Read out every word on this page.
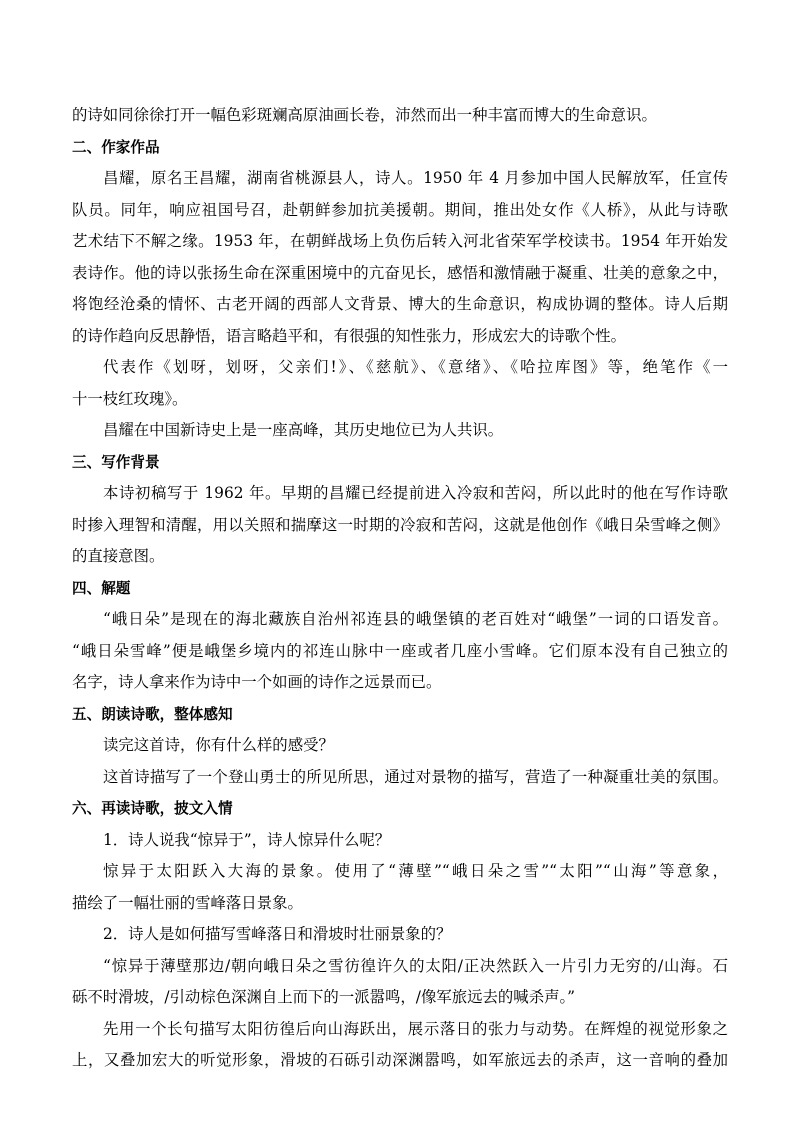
的诗如同徐徐打开一幅色彩斑斓高原油画长卷，沛然而出一种丰富而博大的生命意识。
二、作家作品
昌耀，原名王昌耀，湖南省桃源县人，诗人。1950 年 4 月参加中国人民解放军，任宣传
队员。同年，响应祖国号召，赴朝鲜参加抗美援朝。期间，推出处女作《人桥》，从此与诗歌
艺术结下不解之缘。1953 年，在朝鲜战场上负伤后转入河北省荣军学校读书。1954 年开始发
表诗作。他的诗以张扬生命在深重困境中的亢奋见长，感悟和激情融于凝重、壮美的意象之中，
将饱经沧桑的情怀、古老开阔的西部人文背景、博大的生命意识，构成协调的整体。诗人后期
的诗作趋向反思静悟，语言略趋平和，有很强的知性张力，形成宏大的诗歌个性。
代表作《划呀，划呀，父亲们!》、《慈航》、《意绪》、《哈拉库图》等，绝笔作《一
十一枝红玫瑰》。
昌耀在中国新诗史上是一座高峰，其历史地位已为人共识。
三、写作背景
本诗初稿写于 1962 年。早期的昌耀已经提前进入冷寂和苦闷，所以此时的他在写作诗歌
时掺入理智和清醒，用以关照和揣摩这一时期的冷寂和苦闷，这就是他创作《峨日朵雪峰之侧》
的直接意图。
四、解题
“峨日朵”是现在的海北藏族自治州祁连县的峨堡镇的老百姓对“峨堡”一词的口语发音。
“峨日朵雪峰”便是峨堡乡境内的祁连山脉中一座或者几座小雪峰。它们原本没有自己独立的
名字，诗人拿来作为诗中一个如画的诗作之远景而已。
五、朗读诗歌，整体感知
读完这首诗，你有什么样的感受？
这首诗描写了一个登山勇士的所见所思，通过对景物的描写，营造了一种凝重壮美的氛围。
六、再读诗歌，披文入情
1．诗人说我“惊异于”，诗人惊异什么呢？
惊异于太阳跃入大海的景象。使用了“薄壁”“峨日朵之雪”“太阳”“山海”等意象，
描绘了一幅壮丽的雪峰落日景象。
2．诗人是如何描写雪峰落日和滑坡时壮丽景象的？
“惊异于薄壁那边/朝向峨日朵之雪彷徨许久的太阳/正决然跃入一片引力无穷的/山海。石
砾不时滑坡，/引动棕色深渊自上而下的一派嚣鸣，/像军旅远去的喊杀声。”
先用一个长句描写太阳彷徨后向山海跃出，展示落日的张力与动势。在辉煌的视觉形象之
上，又叠加宏大的听觉形象，滑坡的石砾引动深渊嚣鸣，如军旅远去的杀声，这一音响的叠加
